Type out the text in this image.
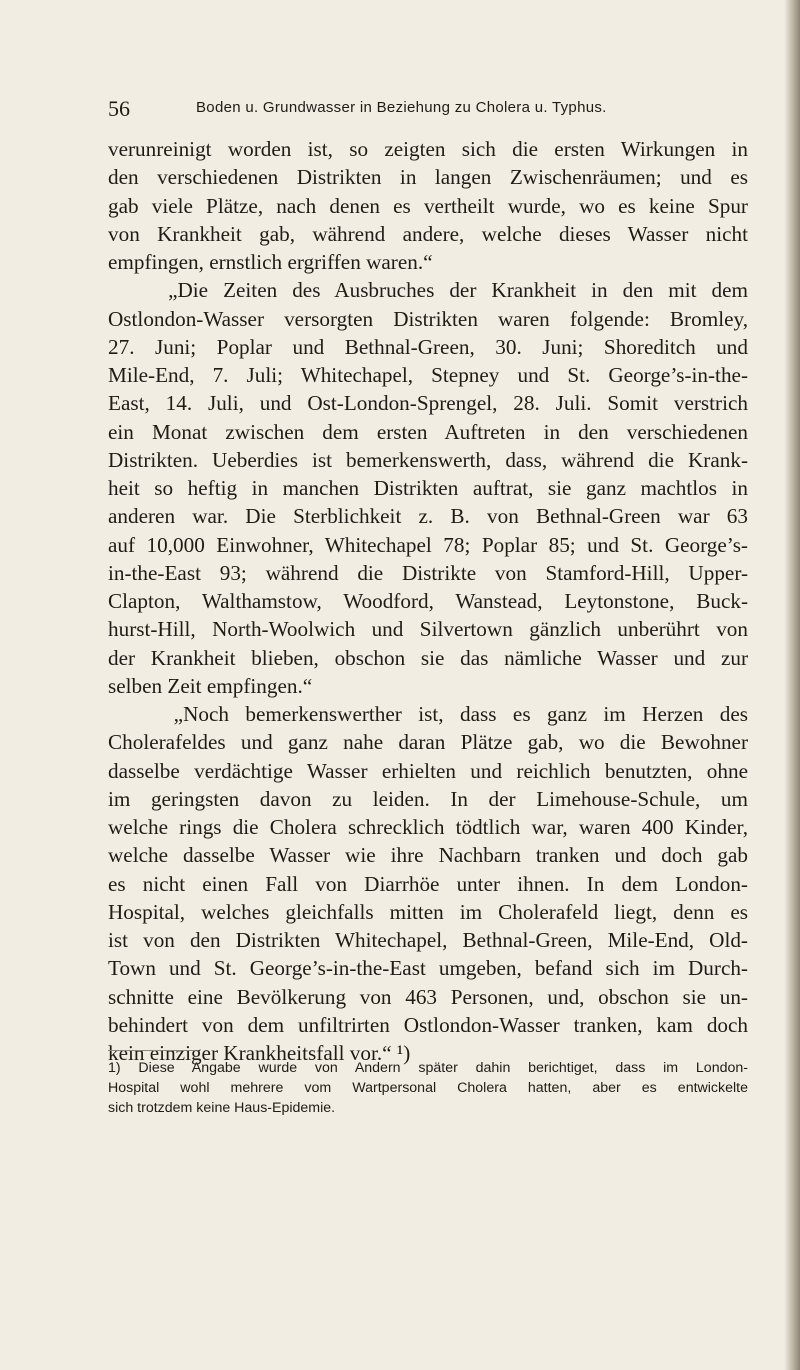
56	Boden u. Grundwasser in Beziehung zu Cholera u. Typhus.
verunreinigt worden ist, so zeigten sich die ersten Wirkungen in
den verschiedenen Distrikten in langen Zwischenräumen; und es
gab viele Plätze, nach denen es vertheilt wurde, wo es keine Spur
von Krankheit gab, während andere, welche dieses Wasser nicht
empfingen, ernstlich ergriffen waren.“
„Die Zeiten des Ausbruches der Krankheit in den mit dem
Ostlondon-Wasser versorgten Distrikten waren folgende: Bromley,
27. Juni; Poplar und Bethnal-Green, 30. Juni; Shoreditch und
Mile-End, 7. Juli; Whitechapel, Stepney und St. George’s-in-the-
East, 14. Juli, und Ost-London-Sprengel, 28. Juli. Somit verstrich
ein Monat zwischen dem ersten Auftreten in den verschiedenen
Distrikten. Ueberdies ist bemerkenswerth, dass, während die Krank-
heit so heftig in manchen Distrikten auftrat, sie ganz machtlos in
anderen war. Die Sterblichkeit z. B. von Bethnal-Green war 63
auf 10,000 Einwohner, Whitechapel 78; Poplar 85; und St. George’s-
in-the-East 93; während die Distrikte von Stamford-Hill, Upper-
Clapton, Walthamstow, Woodford, Wanstead, Leytonstone, Buck-
hurst-Hill, North-Woolwich und Silvertown gänzlich unberührt von
der Krankheit blieben, obschon sie das nämliche Wasser und zur
selben Zeit empfingen.“
„Noch bemerkenswerther ist, dass es ganz im Herzen des
Cholerafeldes und ganz nahe daran Plätze gab, wo die Bewohner
dasselbe verdächtige Wasser erhielten und reichlich benutzten, ohne
im geringsten davon zu leiden. In der Limehouse-Schule, um
welche rings die Cholera schrecklich tödtlich war, waren 400 Kinder,
welche dasselbe Wasser wie ihre Nachbarn tranken und doch gab
es nicht einen Fall von Diarrhöe unter ihnen. In dem London-
Hospital, welches gleichfalls mitten im Cholerafeld liegt, denn es
ist von den Distrikten Whitechapel, Bethnal-Green, Mile-End, Old-
Town und St. George’s-in-the-East umgeben, befand sich im Durch-
schnitte eine Bevölkerung von 463 Personen, und, obschon sie un-
behindert von dem unfiltrirten Ostlondon-Wasser tranken, kam doch
kein einziger Krankheitsfall vor.“ ¹)
1) Diese Angabe wurde von Andern später dahin berichtiget, dass im London-
Hospital wohl mehrere vom Wartpersonal Cholera hatten, aber es entwickelte
sich trotzdem keine Haus-Epidemie.
